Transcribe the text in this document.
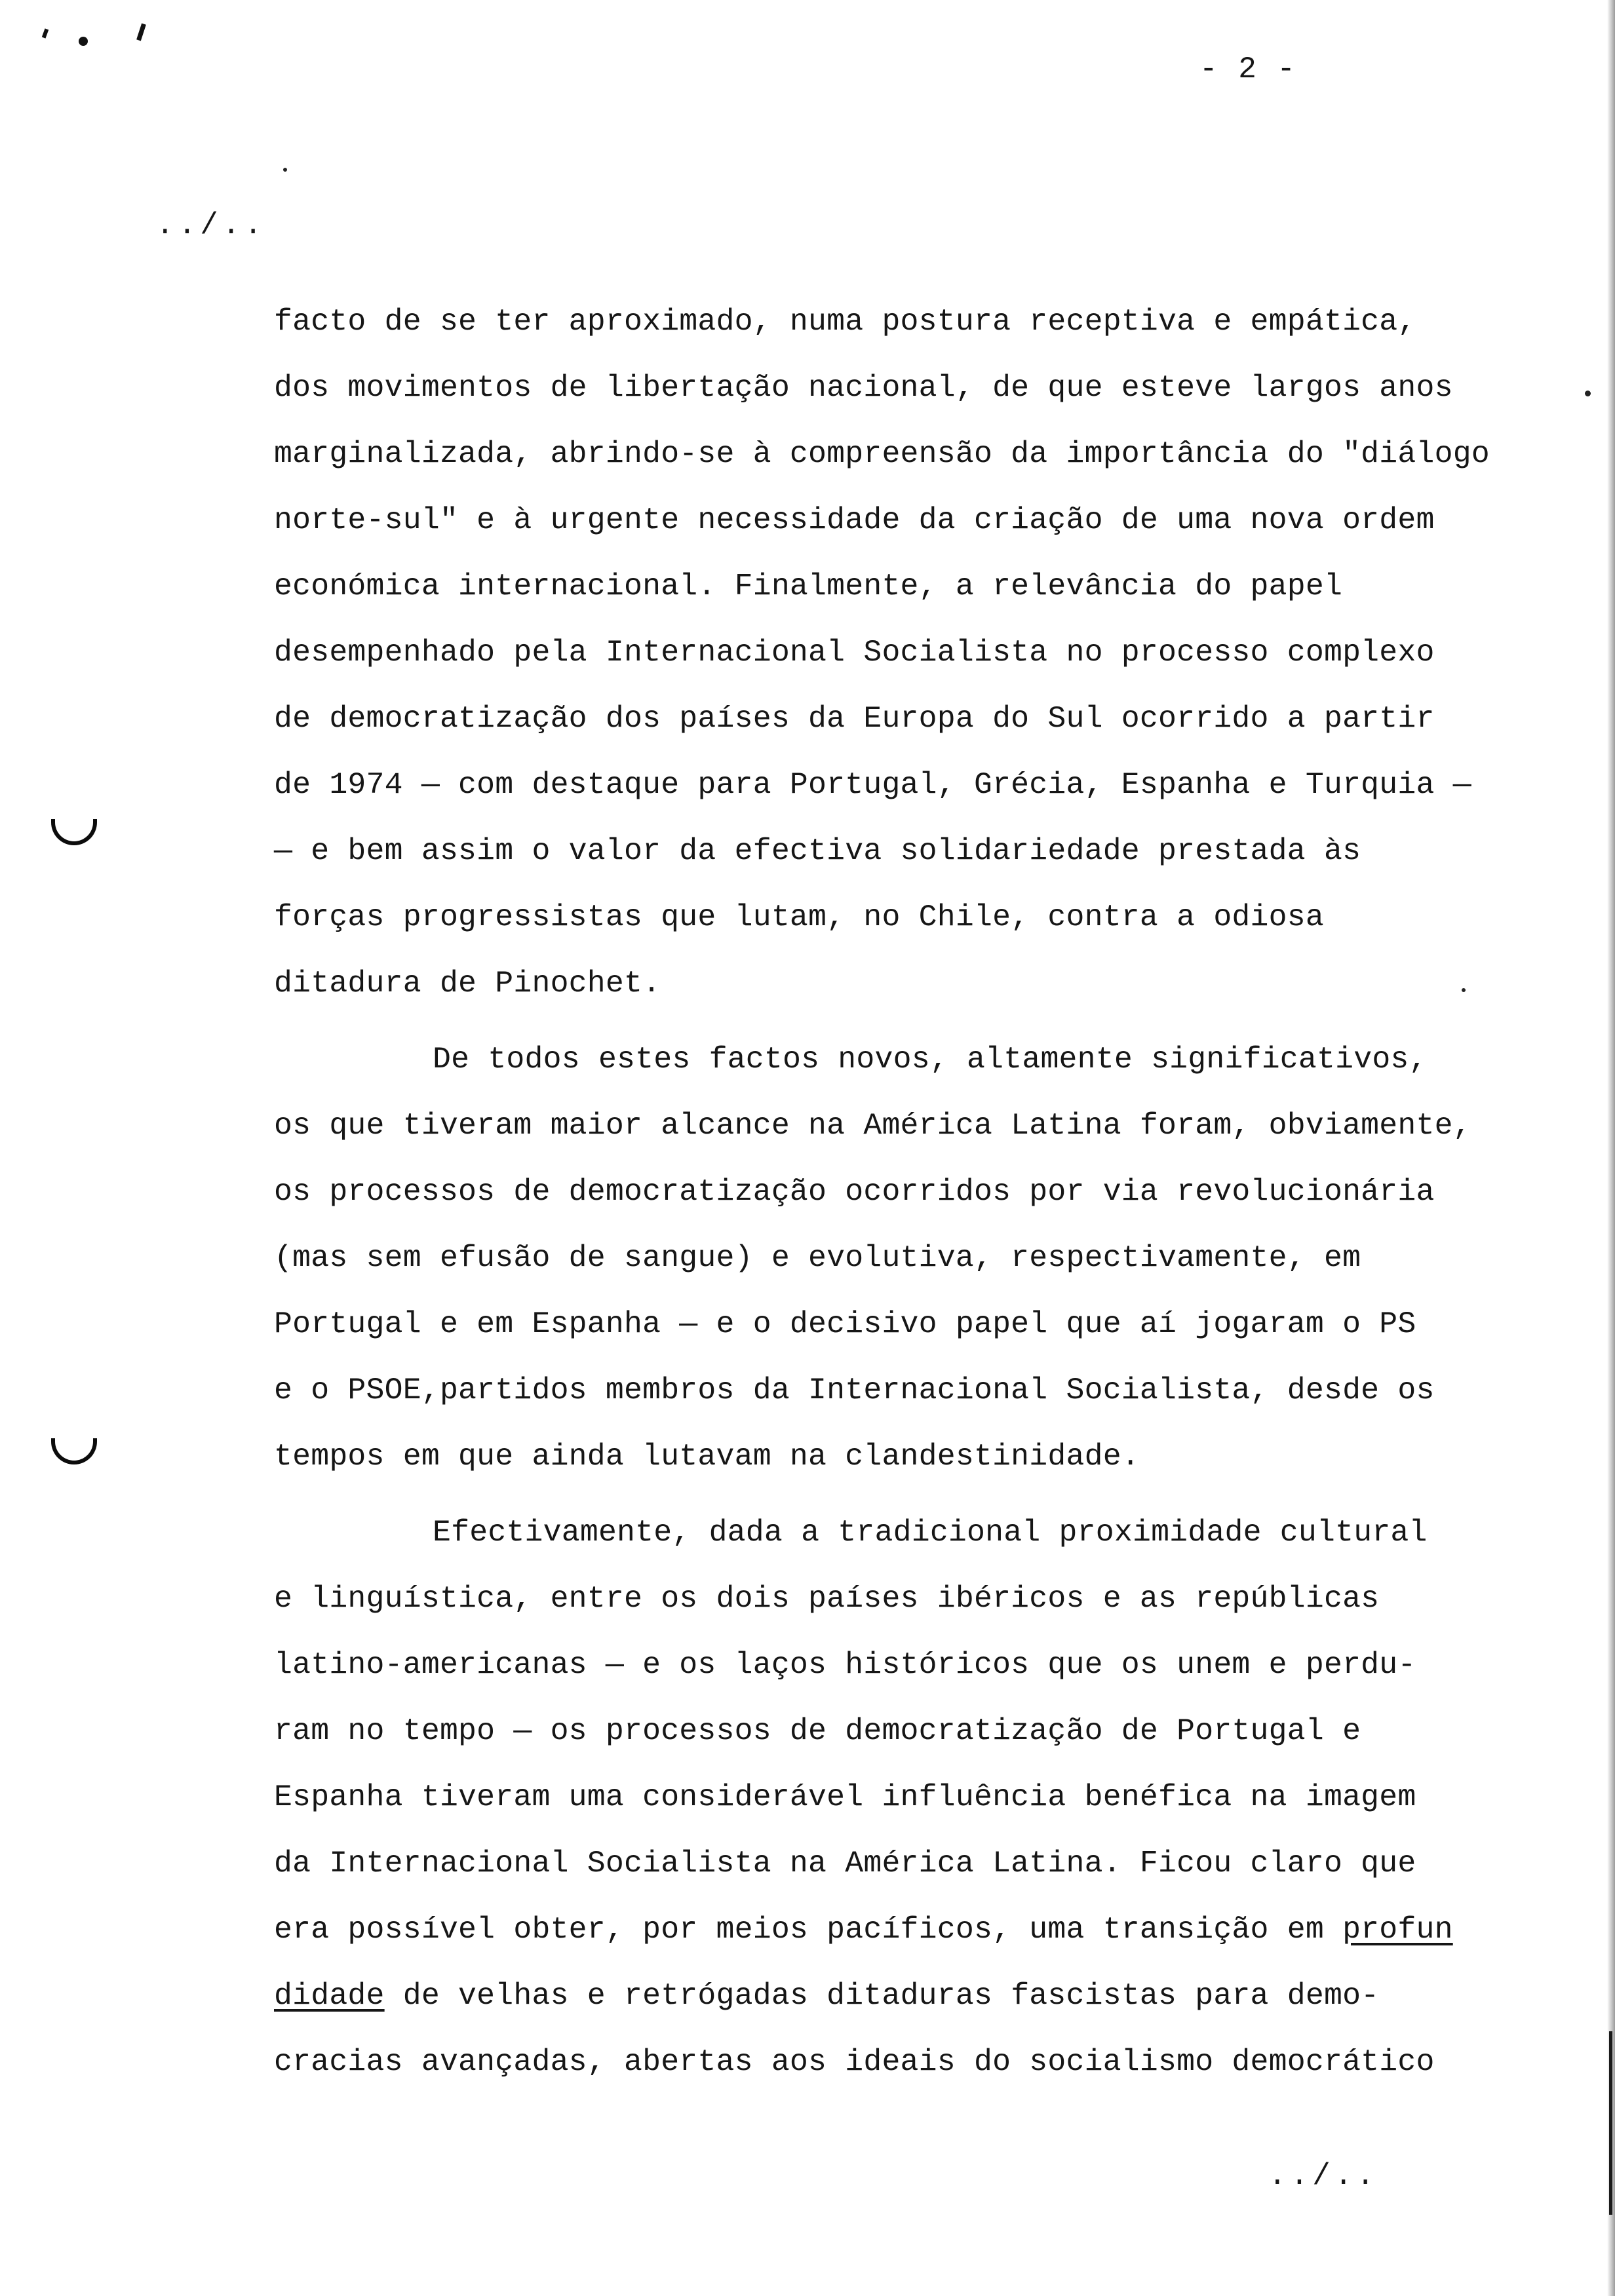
- 2 -
../..

facto de se ter aproximado, numa postura receptiva e empática,
dos movimentos de libertação nacional, de que esteve largos anos
marginalizada, abrindo-se à compreensão da importância do "diálogo
norte-sul" e à urgente necessidade da criação de uma nova ordem
económica internacional. Finalmente, a relevância do papel
desempenhado pela Internacional Socialista no processo complexo
de democratização dos países da Europa do Sul ocorrido a partir
de 1974 — com destaque para Portugal, Grécia, Espanha e Turquia —
— e bem assim o valor da efectiva solidariedade prestada às
forças progressistas que lutam, no Chile, contra a odiosa
ditadura de Pinochet.

De todos estes factos novos, altamente significativos,
os que tiveram maior alcance na América Latina foram, obviamente,
os processos de democratização ocorridos por via revolucionária
(mas sem efusão de sangue) e evolutiva, respectivamente, em
Portugal e em Espanha — e o decisivo papel que aí jogaram o PS
e o PSOE,partidos membros da Internacional Socialista, desde os
tempos em que ainda lutavam na clandestinidade.

Efectivamente, dada a tradicional proximidade cultural
e linguística, entre os dois países ibéricos e as repúblicas
latino-americanas — e os laços históricos que os unem e perdu-
ram no tempo — os processos de democratização de Portugal e
Espanha tiveram uma considerável influência benéfica na imagem
da Internacional Socialista na América Latina. Ficou claro que
era possível obter, por meios pacíficos, uma transição em profun
didade de velhas e retrógadas ditaduras fascistas para demo-
cracias avançadas, abertas aos ideais do socialismo democrático

../..
